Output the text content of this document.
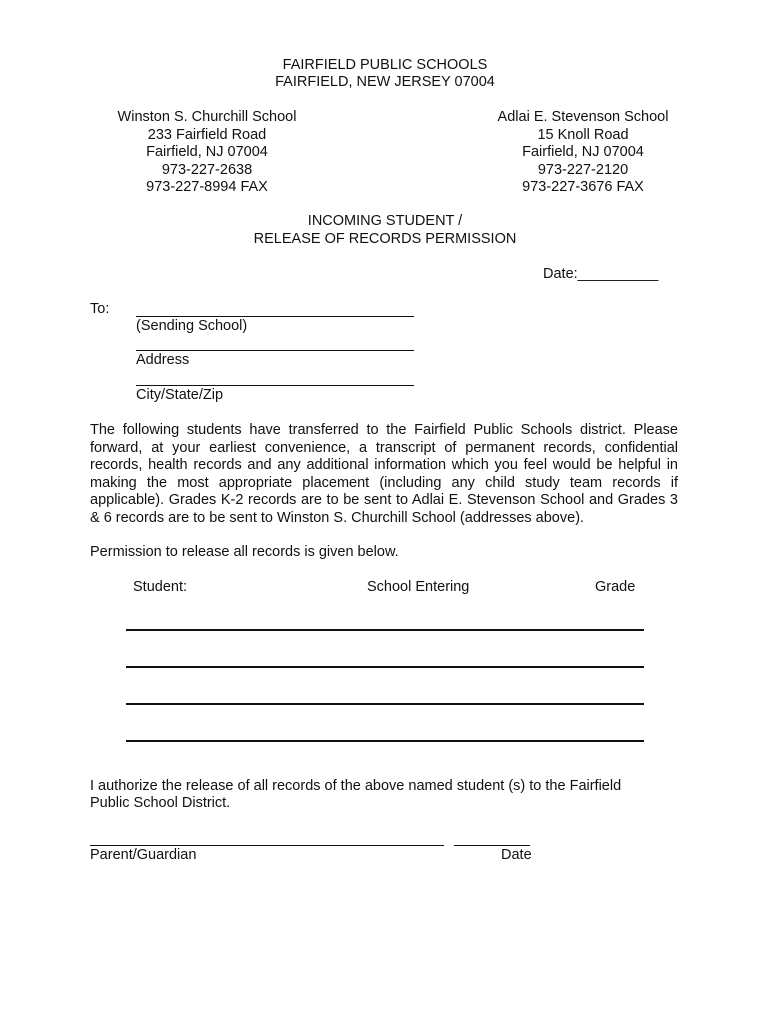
FAIRFIELD PUBLIC SCHOOLS
FAIRFIELD, NEW JERSEY 07004
Winston S. Churchill School
233 Fairfield Road
Fairfield, NJ 07004
973-227-2638
973-227-8994 FAX
Adlai E. Stevenson School
15 Knoll Road
Fairfield, NJ 07004
973-227-2120
973-227-3676 FAX
INCOMING STUDENT /
RELEASE OF RECORDS PERMISSION
Date:__________
To:
(Sending School)
Address
City/State/Zip
The following students have transferred to the Fairfield Public Schools district. Please forward, at your earliest convenience, a transcript of permanent records, confidential records, health records and any additional information which you feel would be helpful in making the most appropriate placement (including any child study team records if applicable). Grades K-2 records are to be sent to Adlai E. Stevenson School and Grades 3 & 6 records are to be sent to Winston S. Churchill School (addresses above).
Permission to release all records is given below.
Student:	School Entering	Grade
I authorize the release of all records of the above named student (s) to the Fairfield
Public School District.
Parent/Guardian	Date
